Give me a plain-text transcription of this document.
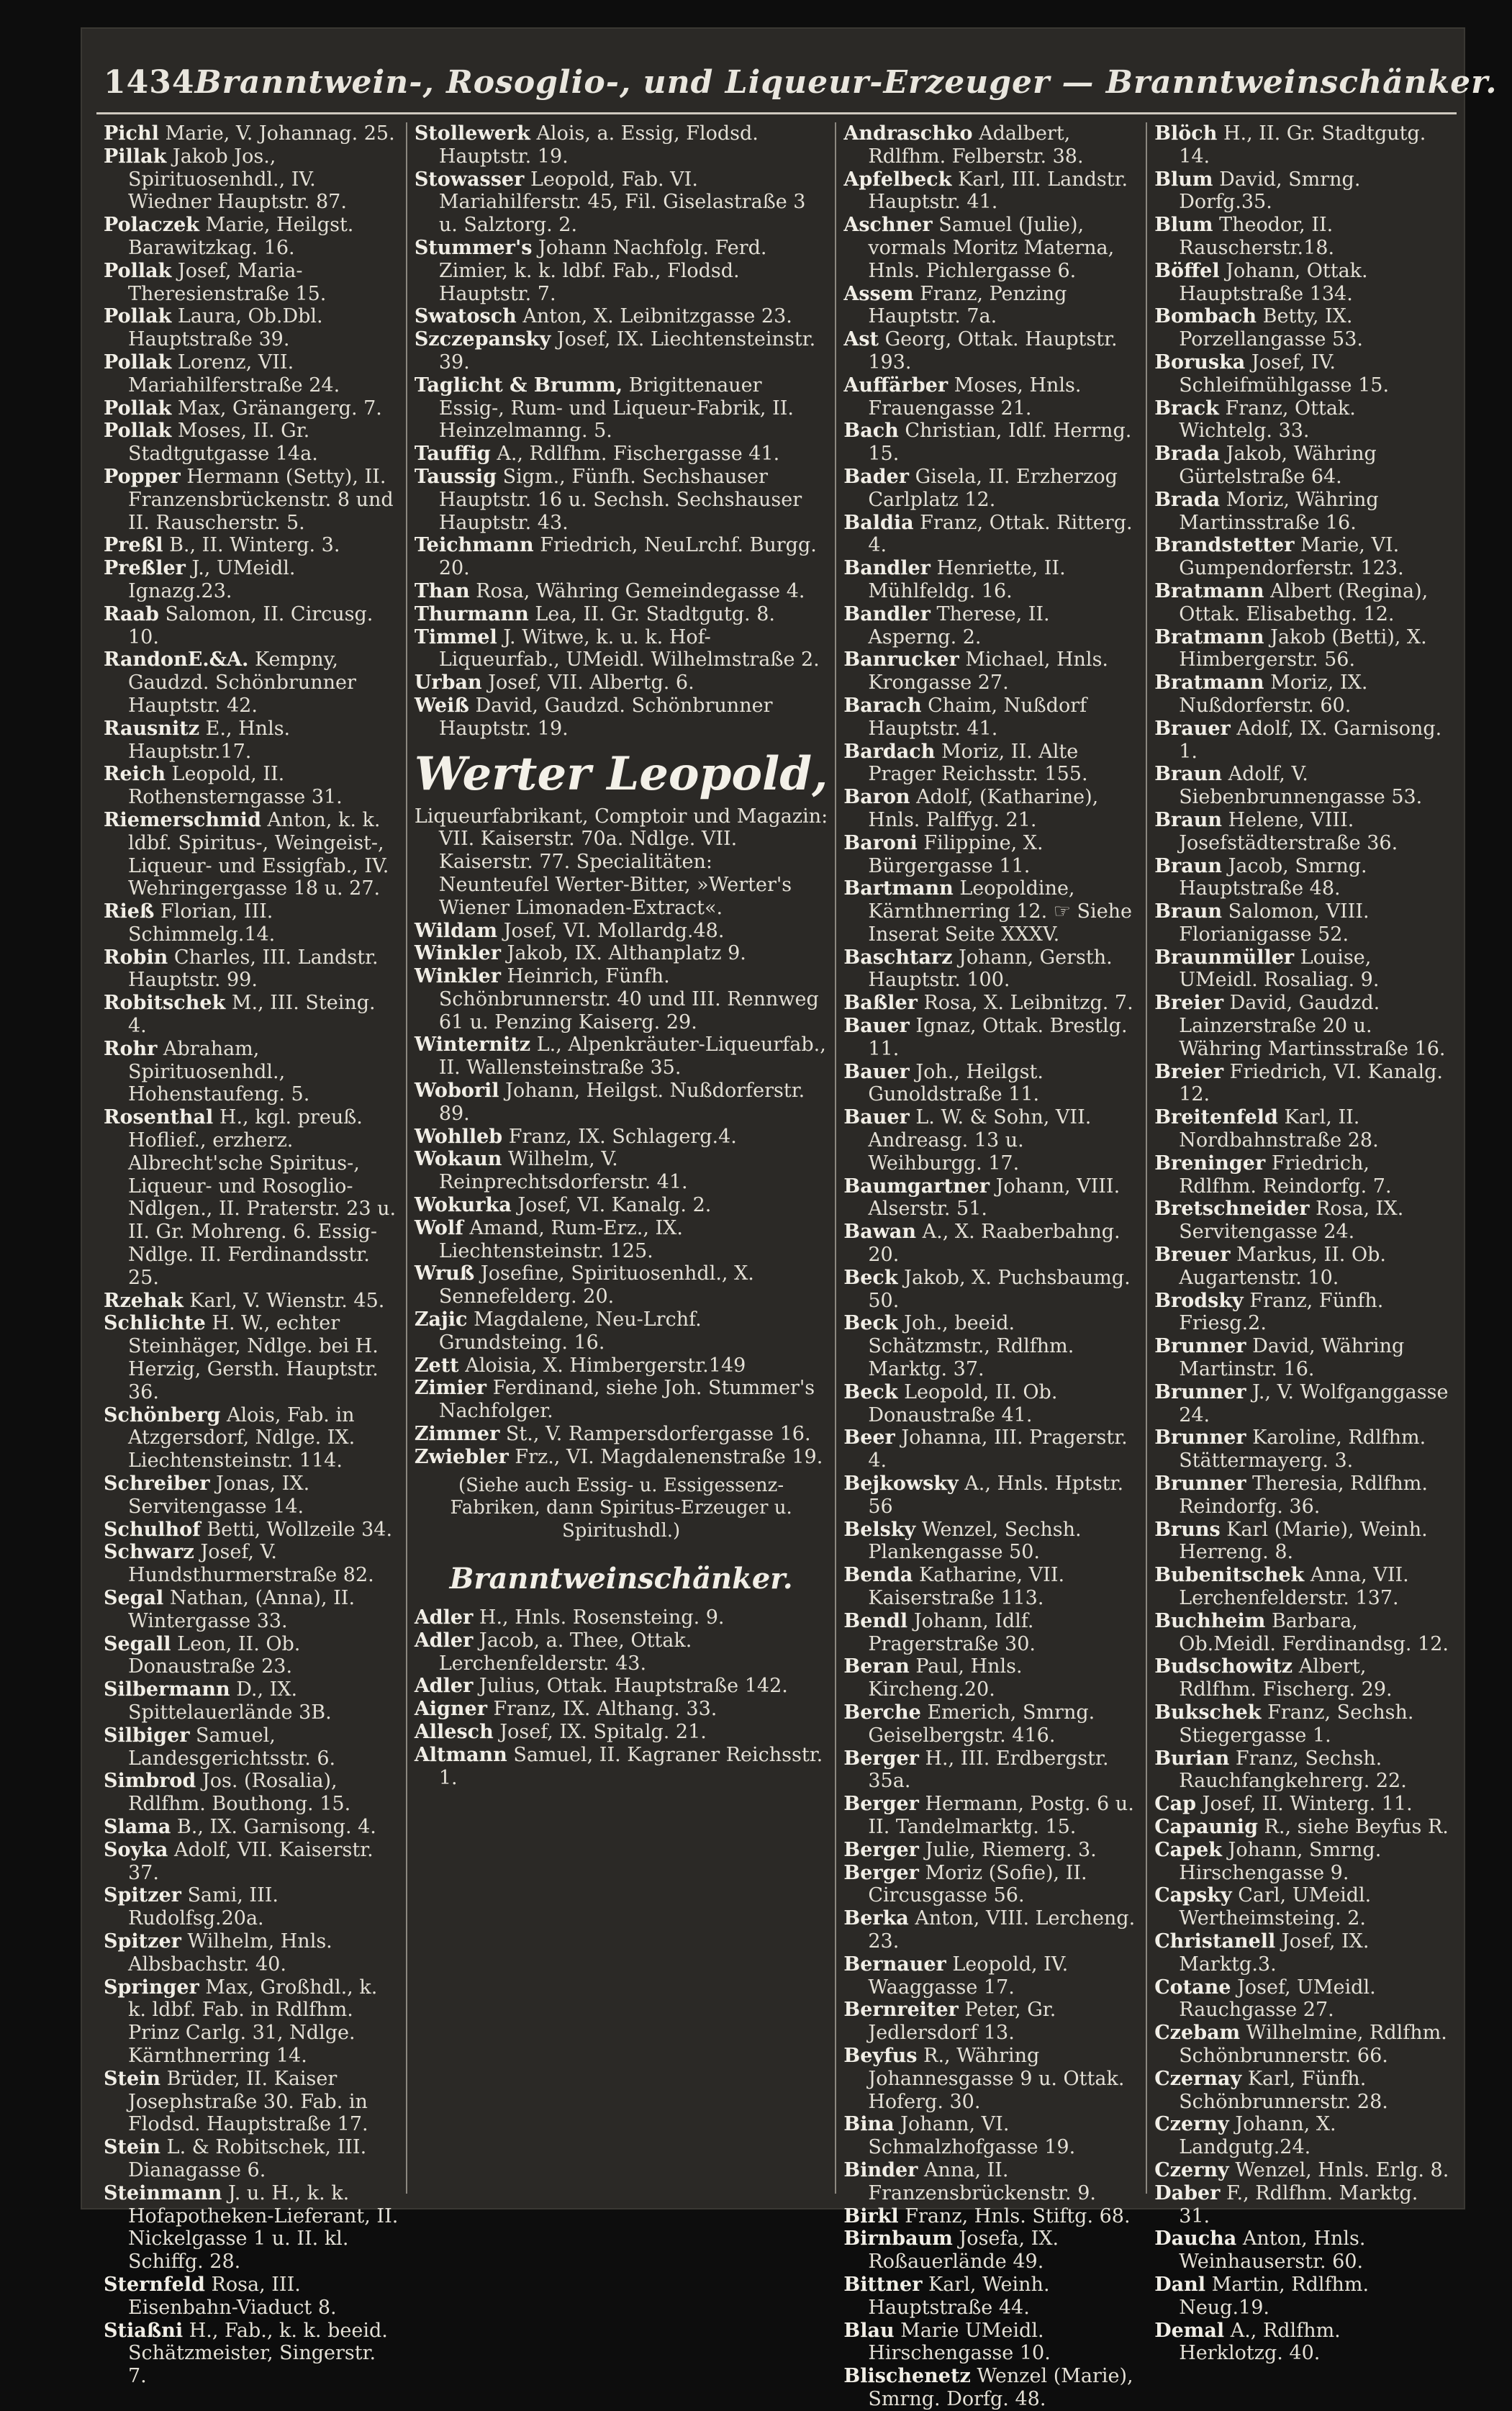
1434 Branntwein-, Rosoglio-, und Liqueur-Erzeuger — Branntweinschänker.
Pichl Marie, V. Johannag. 25.
Pillak Jakob Jos., Spirituosenhdl., IV. Wiedner Hauptstr. 87.
Polaczek Marie, Heilgst. Barawitzkag. 16.
Pollak Josef, Maria-Theresienstraße 15.
Pollak Laura, Ob.Dbl. Hauptstraße 39.
Pollak Lorenz, VII. Mariahilferstraße 24.
Pollak Max, Gränangerg. 7.
Pollak Moses, II. Gr. Stadtgutgasse 14a.
Popper Hermann (Setty), II. Franzensbrückenstr. 8 und II. Rauscherstr. 5.
Preßl B., II. Winterg. 3.
Preßler J., UMeidl. Ignazg.23.
Raab Salomon, II. Circusg. 10.
RandonE.&A. Kempny, Gaudzd. Schönbrunner Hauptstr. 42.
Rausnitz E., Hnls. Hauptstr.17.
Reich Leopold, II. Rothensterngasse 31.
Riemerschmid Anton, k. k. ldbf. Spiritus-, Weingeist-, Liqueur- und Essigfab., IV. Wehringergasse 18 u. 27.
Rieß Florian, III. Schimmelg.14.
Robin Charles, III. Landstr. Hauptstr. 99.
Robitschek M., III. Steing. 4.
Rohr Abraham, Spirituosenhdl., Hohenstaufeng. 5.
Rosenthal H., kgl. preuß. Hoflief., erzherz. Albrecht'sche Spiritus-, Liqueur- und Rosoglio-Ndlgen., II. Praterstr. 23 u. II. Gr. Mohreng. 6. Essig-Ndlge. II. Ferdinandsstr. 25.
Rzehak Karl, V. Wienstr. 45.
Schlichte H. W., echter Steinhäger, Ndlge. bei H. Herzig, Gersth. Hauptstr. 36.
Schönberg Alois, Fab. in Atzgersdorf, Ndlge. IX. Liechtensteinstr. 114.
Schreiber Jonas, IX. Servitengasse 14.
Schulhof Betti, Wollzeile 34.
Schwarz Josef, V. Hundsthurmerstraße 82.
Segal Nathan, (Anna), II. Wintergasse 33.
Segall Leon, II. Ob. Donaustraße 23.
Silbermann D., IX. Spittelauerlände 3B.
Silbiger Samuel, Landesgerichtsstr. 6.
Simbrod Jos. (Rosalia), Rdlfhm. Bouthong. 15.
Slama B., IX. Garnisong. 4.
Soyka Adolf, VII. Kaiserstr. 37.
Spitzer Sami, III. Rudolfsg.20a.
Spitzer Wilhelm, Hnls. Albsbachstr. 40.
Springer Max, Großhdl., k. k. ldbf. Fab. in Rdlfhm. Prinz Carlg. 31, Ndlge. Kärnthnerring 14.
Stein Brüder, II. Kaiser Josephstraße 30. Fab. in Flodsd. Hauptstraße 17.
Stein L. & Robitschek, III. Dianagasse 6.
Steinmann J. u. H., k. k. Hofapotheken-Lieferant, II. Nickelgasse 1 u. II. kl. Schiffg. 28.
Sternfeld Rosa, III. Eisenbahn-Viaduct 8.
Stiaßni H., Fab., k. k. beeid. Schätzmeister, Singerstr. 7.
Stollewerk Alois, a. Essig, Flodsd. Hauptstr. 19.
Stowasser Leopold, Fab. VI. Mariahilferstr. 45, Fil. Giselastraße 3 u. Salztorg. 2.
Stummer's Johann Nachfolg. Ferd. Zimier, k. k. ldbf. Fab., Flodsd. Hauptstr. 7.
Swatosch Anton, X. Leibnitzgasse 23.
Szczepansky Josef, IX. Liechtensteinstr. 39.
Taglicht & Brumm, Brigittenauer Essig-, Rum- und Liqueur-Fabrik, II. Heinzelmanng. 5.
Tauffig A., Rdlfhm. Fischergasse 41.
Taussig Sigm., Fünfh. Sechshauser Hauptstr. 16 u. Sechsh. Sechshauser Hauptstr. 43.
Teichmann Friedrich, NeuLrchf. Burgg. 20.
Than Rosa, Währing Gemeindegasse 4.
Thurmann Lea, II. Gr. Stadtgutg. 8.
Timmel J. Witwe, k. u. k. Hof-Liqueurfab., UMeidl. Wilhelmstraße 2.
Urban Josef, VII. Albertg. 6.
Weiß David, Gaudzd. Schönbrunner Hauptstr. 19.
Werter Leopold,
Liqueurfabrikant, Comptoir und Magazin: VII. Kaiserstr. 70a. Ndlge. VII. Kaiserstr. 77. Specialitäten: Neunteufel Werter-Bitter, »Werter's Wiener Limonaden-Extract«.
Wildam Josef, VI. Mollardg.48.
Winkler Jakob, IX. Althanplatz 9.
Winkler Heinrich, Fünfh. Schönbrunnerstr. 40 und III. Rennweg 61 u. Penzing Kaiserg. 29.
Winternitz L., Alpenkräuter-Liqueurfab., II. Wallensteinstraße 35.
Woboril Johann, Heilgst. Nußdorferstr. 89.
Wohlleb Franz, IX. Schlagerg.4.
Wokaun Wilhelm, V. Reinprechtsdorferstr. 41.
Wokurka Josef, VI. Kanalg. 2.
Wolf Amand, Rum-Erz., IX. Liechtensteinstr. 125.
Wruß Josefine, Spirituosenhdl., X. Sennefelderg. 20.
Zajic Magdalene, Neu-Lrchf. Grundsteing. 16.
Zett Aloisia, X. Himbergerstr.149
Zimier Ferdinand, siehe Joh. Stummer's Nachfolger.
Zimmer St., V. Rampersdorfergasse 16.
Zwiebler Frz., VI. Magdalenenstraße 19.
(Siehe auch Essig- u. Essigessenz-Fabriken, dann Spiritus-Erzeuger u. Spiritushdl.)
Branntweinschänker.
Adler H., Hnls. Rosensteing. 9.
Adler Jacob, a. Thee, Ottak. Lerchenfelderstr. 43.
Adler Julius, Ottak. Hauptstraße 142.
Aigner Franz, IX. Althang. 33.
Allesch Josef, IX. Spitalg. 21.
Altmann Samuel, II. Kagraner Reichsstr. 1.
Andraschko Adalbert, Rdlfhm. Felberstr. 38.
Apfelbeck Karl, III. Landstr. Hauptstr. 41.
Aschner Samuel (Julie), vormals Moritz Materna, Hnls. Pichlergasse 6.
Assem Franz, Penzing Hauptstr. 7a.
Ast Georg, Ottak. Hauptstr. 193.
Auffärber Moses, Hnls. Frauengasse 21.
Bach Christian, Idlf. Herrng. 15.
Bader Gisela, II. Erzherzog Carlplatz 12.
Baldia Franz, Ottak. Ritterg. 4.
Bandler Henriette, II. Mühlfeldg. 16.
Bandler Therese, II. Asperng. 2.
Banrucker Michael, Hnls. Krongasse 27.
Barach Chaim, Nußdorf Hauptstr. 41.
Bardach Moriz, II. Alte Prager Reichsstr. 155.
Baron Adolf, (Katharine), Hnls. Palffyg. 21.
Baroni Filippine, X. Bürgergasse 11.
Bartmann Leopoldine, Kärnthnerring 12. ☞ Siehe Inserat Seite XXXV.
Baschtarz Johann, Gersth. Hauptstr. 100.
Baßler Rosa, X. Leibnitzg. 7.
Bauer Ignaz, Ottak. Brestlg. 11.
Bauer Joh., Heilgst. Gunoldstraße 11.
Bauer L. W. & Sohn, VII. Andreasg. 13 u. Weihburgg. 17.
Baumgartner Johann, VIII. Alserstr. 51.
Bawan A., X. Raaberbahng. 20.
Beck Jakob, X. Puchsbaumg. 50.
Beck Joh., beeid. Schätzmstr., Rdlfhm. Marktg. 37.
Beck Leopold, II. Ob. Donaustraße 41.
Beer Johanna, III. Pragerstr. 4.
Bejkowsky A., Hnls. Hptstr. 56
Belsky Wenzel, Sechsh. Plankengasse 50.
Benda Katharine, VII. Kaiserstraße 113.
Bendl Johann, Idlf. Pragerstraße 30.
Beran Paul, Hnls. Kircheng.20.
Berche Emerich, Smrng. Geiselbergstr. 416.
Berger H., III. Erdbergstr. 35a.
Berger Hermann, Postg. 6 u. II. Tandelmarktg. 15.
Berger Julie, Riemerg. 3.
Berger Moriz (Sofie), II. Circusgasse 56.
Berka Anton, VIII. Lercheng. 23.
Bernauer Leopold, IV. Waaggasse 17.
Bernreiter Peter, Gr. Jedlersdorf 13.
Beyfus R., Währing Johannesgasse 9 u. Ottak. Hoferg. 30.
Bina Johann, VI. Schmalzhofgasse 19.
Binder Anna, II. Franzensbrückenstr. 9.
Birkl Franz, Hnls. Stiftg. 68.
Birnbaum Josefa, IX. Roßauerlände 49.
Bittner Karl, Weinh. Hauptstraße 44.
Blau Marie UMeidl. Hirschengasse 10.
Blischenetz Wenzel (Marie), Smrng. Dorfg. 48.
Blöch H., II. Gr. Stadtgutg. 14.
Blum David, Smrng. Dorfg.35.
Blum Theodor, II. Rauscherstr.18.
Böffel Johann, Ottak. Hauptstraße 134.
Bombach Betty, IX. Porzellangasse 53.
Boruska Josef, IV. Schleifmühlgasse 15.
Brack Franz, Ottak. Wichtelg. 33.
Brada Jakob, Währing Gürtelstraße 64.
Brada Moriz, Währing Martinsstraße 16.
Brandstetter Marie, VI. Gumpendorferstr. 123.
Bratmann Albert (Regina), Ottak. Elisabethg. 12.
Bratmann Jakob (Betti), X. Himbergerstr. 56.
Bratmann Moriz, IX. Nußdorferstr. 60.
Brauer Adolf, IX. Garnisong. 1.
Braun Adolf, V. Siebenbrunnengasse 53.
Braun Helene, VIII. Josefstädterstraße 36.
Braun Jacob, Smrng. Hauptstraße 48.
Braun Salomon, VIII. Florianigasse 52.
Braunmüller Louise, UMeidl. Rosaliag. 9.
Breier David, Gaudzd. Lainzerstraße 20 u. Währing Martinsstraße 16.
Breier Friedrich, VI. Kanalg. 12.
Breitenfeld Karl, II. Nordbahnstraße 28.
Breninger Friedrich, Rdlfhm. Reindorfg. 7.
Bretschneider Rosa, IX. Servitengasse 24.
Breuer Markus, II. Ob. Augartenstr. 10.
Brodsky Franz, Fünfh. Friesg.2.
Brunner David, Währing Martinstr. 16.
Brunner J., V. Wolfganggasse 24.
Brunner Karoline, Rdlfhm. Stättermayerg. 3.
Brunner Theresia, Rdlfhm. Reindorfg. 36.
Bruns Karl (Marie), Weinh. Herreng. 8.
Bubenitschek Anna, VII. Lerchenfelderstr. 137.
Buchheim Barbara, Ob.Meidl. Ferdinandsg. 12.
Budschowitz Albert, Rdlfhm. Fischerg. 29.
Bukschek Franz, Sechsh. Stiegergasse 1.
Burian Franz, Sechsh. Rauchfangkehrerg. 22.
Cap Josef, II. Winterg. 11.
Capaunig R., siehe Beyfus R.
Capek Johann, Smrng. Hirschengasse 9.
Capsky Carl, UMeidl. Wertheimsteing. 2.
Christanell Josef, IX. Marktg.3.
Cotane Josef, UMeidl. Rauchgasse 27.
Czebam Wilhelmine, Rdlfhm. Schönbrunnerstr. 66.
Czernay Karl, Fünfh. Schönbrunnerstr. 28.
Czerny Johann, X. Landgutg.24.
Czerny Wenzel, Hnls. Erlg. 8.
Daber F., Rdlfhm. Marktg. 31.
Daucha Anton, Hnls. Weinhauserstr. 60.
Danl Martin, Rdlfhm. Neug.19.
Demal A., Rdlfhm. Herklotzg. 40.
